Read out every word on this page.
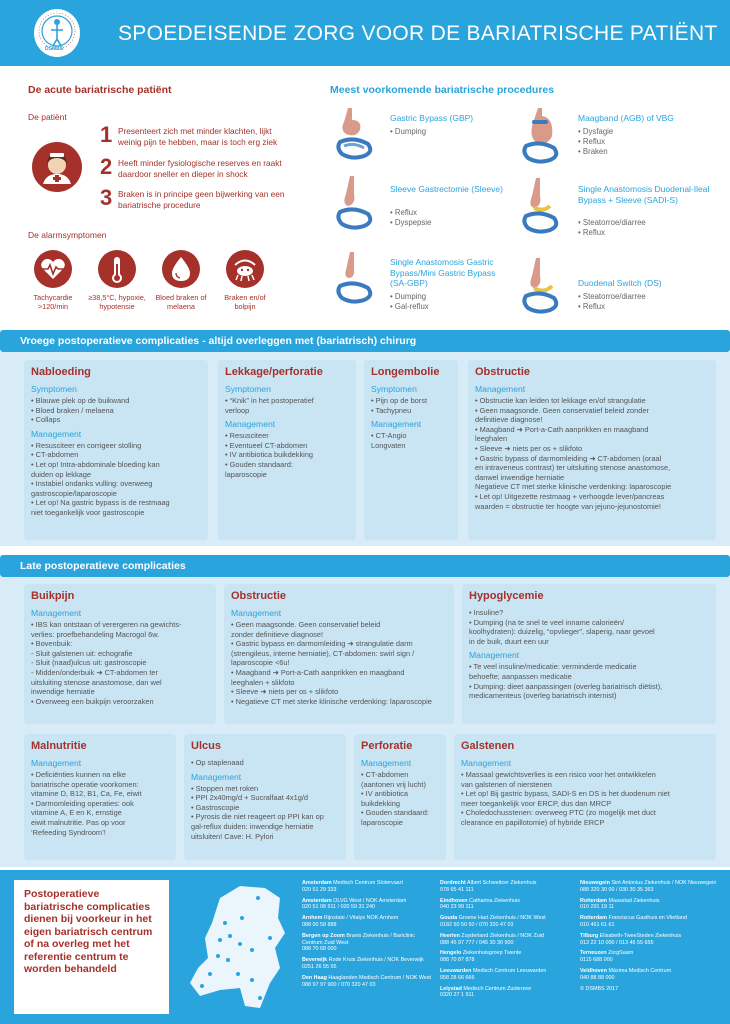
DSMBS
SPOEDEISENDE ZORG VOOR DE BARIATRISCHE PATIËNT
De acute bariatrische patiënt
De patiënt
1 Presenteert zich met minder klachten, lijkt weinig pijn te hebben, maar is toch erg ziek
2 Heeft minder fysiologische reserves en raakt daardoor sneller en dieper in shock
3 Braken is in principe geen bijwerking van een bariatrische procedure
De alarmsymptomen
Tachycardie >120/min
≥38,5°C, hypoxie, hypotensie
Bloed braken of melaena
Braken en/of bolpijn
Meest voorkomende bariatrische procedures
Gastric Bypass (GBP)
• Dumping
Maagband (AGB) of VBG
• Dysfagie
• Reflux
• Braken
Sleeve Gastrectomie (Sleeve)
• Reflux
• Dyspepsie
Single Anastomosis Duodenal-Ileal Bypass + Sleeve (SADI-S)
• Steatorroe/diarree
• Reflux
Single Anastomosis Gastric Bypass/Mini Gastric Bypass (SA-GBP)
• Dumping
• Gal-reflux
Duodenal Switch (DS)
• Steatorroe/diarree
• Reflux
Vroege postoperatieve complicaties - altijd overleggen met (bariatrisch) chirurg
Nabloeding
Symptomen
• Blauwe plek op de buikwand
• Bloed braken / melaena
• Collaps
Management
• Resusciteer en corrigeer stolling
• CT-abdomen
• Let op! Intra-abdominale bloeding kan
duiden op lekkage
• Instabiel ondanks vulling: overweeg
gastroscopie/laparoscopie
• Let op! Na gastric bypass is de restmaag
niet toegankelijk voor gastroscopie
Lekkage/perforatie
Symptomen
• “Knik” in het postoperatief
verloop
Management
• Resusciteer
• Eventueel CT-abdomen
• IV antibiotica buikdekking
• Gouden standaard:
laparoscopie
Longembolie
Symptomen
• Pijn op de borst
• Tachypneu
Management
• CT-Angio
Longvaten
Obstructie
Management
• Obstructie kan leiden tot lekkage en/of strangulatie
• Geen maagsonde. Geen conservatief beleid zonder
definitieve diagnose!
• Maagband ➜ Port-a-Cath aanprikken en maagband
leeghalen
• Sleeve ➜ niets per os + slikfoto
• Gastric bypass of darmomleiding ➜ CT-abdomen (oraal
en intraveneus contrast) ter uitsluiting stenose anastomose,
danwel inwendige herniatie
Negatieve CT met sterke klinische verdenking: laparoscopie
• Let op! Uitgezette restmaag + verhoogde lever/pancreas
waarden = obstructie ter hoogte van jejuno-jejunostomie!
Late postoperatieve complicaties
Buikpijn
Management
• IBS kan ontstaan of verergeren na gewichts-
verlies: proefbehandeling Macrogol 6w.
• Bovenbuik:
- Sluit galstenen uit: echografie
- Sluit (naad)ulcus uit: gastroscopie
- Midden/onderbuik ➜ CT-abdomen ter
uitsluiting stenose anastomose, dan wel
inwendige herniatie
• Overweeg een buikpijn veroorzaken
Obstructie
Management
• Geen maagsonde. Geen conservatief beleid
zonder definitieve diagnose!
• Gastric bypass en darmomleiding ➜ strangulatie darm
(strengileus, interne herniatie), CT-abdomen: swirl sign /
laparoscopie <6u!
• Maagband ➜ Port-a-Cath aanprikken en maagband
leeghalen + slikfoto
• Sleeve ➜ niets per os + slikfoto
• Negatieve CT met sterke klinische verdenking: laparoscopie
Hypoglycemie
• Insuline?
• Dumping (na te snel te veel inname calorieën/
koolhydraten): duizelig, “opvlieger”, slaperig, naar gevoel
in de buik, duurt een uur
Management
• Te veel insuline/medicatie: verminderde medicatie
behoefte; aanpassen medicatie
• Dumping: dieet aanpassingen (overleg bariatrisch diëtist),
medicamenteus (overleg bariatrisch internist)
Malnutritie
Management
• Deficiënties kunnen na elke
bariatrische operatie voorkomen:
vitamine D, B12, B1, Ca, Fe, eiwit
• Darmomleiding operaties: ook
vitamine A, E en K, ernstige
eiwit malnutritie. Pas op voor
‘Refeeding Syndroom’!
Ulcus
• Op staplenaad
Management
• Stoppen met roken
• PPI 2x40mg/d + Sucralfaat 4x1g/d
• Gastroscopie
• Pyrosis die niet reageert op PPI kan op
gal-reflux duiden: inwendige herniatie
uitsluiten! Cave: H. Pylori
Perforatie
Management
• CT-abdomen
(aantonen vrij lucht)
• IV antibiotica
buikdekking
• Gouden standaard:
laparoscopie
Galstenen
Management
• Massaal gewichtsverlies is een risico voor het ontwikkelen
van galstenen of nierstenen
• Let op! Bij gastric bypass, SADI-S en DS is het duodenum niet
meer toegankelijk voor ERCP, dus dan MRCP
• Choledochusstenen: overweeg PTC (zo mogelijk met duct
clearance en papillotomie) of hybride ERCP
Postoperatieve bariatrische complicaties dienen bij voorkeur in het eigen bariatrisch centrum of na overleg met het referentie centrum te worden behandeld
Amsterdam Medisch Centrum Slotervaart
020 51 29 333
Amsterdam OLVG West / NOK Amsterdam
020 51 08 911 / 020 59 31 240
Arnhem Rijnstate / Vitalys NOK Arnhem
088 00 58 888
Bergen op Zoom Bravis Ziekenhuis / Bariclinic Centrum Zuid West
088 70 68 000
Beverwijk Rode Kruis Ziekenhuis / NOK Beverwijk
0251 26 55 55
Den Haag Haaglanden Medisch Centrum / NOK West
088 97 97 900 / 070 320 47 03
Dordrecht Albert Schweitzer Ziekenhuis
078 65 41 111
Eindhoven Catharina Ziekenhuis
040 23 99 111
Gouda Groene Hart Ziekenhuis / NOK West
0182 50 50 50 / 070 320 47 03
Heerlen Zuyderland Ziekenhuis / NOK Zuid
088 45 97 777 / 045 30 30 900
Hengelo Ziekenhuisgroep Twente
088 70 87 878
Leeuwarden Medisch Centrum Leeuwarden
058 28 66 666
Lelystad Medisch Centrum Zuiderzee
0320 27 1 911
Nieuwegein Sint Antonius Ziekenhuis / NOK Nieuwegein
088 320 30 00 / 030 30 35 363
Rotterdam Maasstad Ziekenhuis
010 291 19 11
Rotterdam Franciscus Gasthuis en Vlietland
010 461 61 61
Tilburg Elisabeth-TweeSteden Ziekenhuis
013 22 10 000 / 013 46 55 655
Terneuzen ZorgSaam
0115 688 000
Veldhoven Máxima Medisch Centrum
040 88 88 000
© DSMBS 2017
